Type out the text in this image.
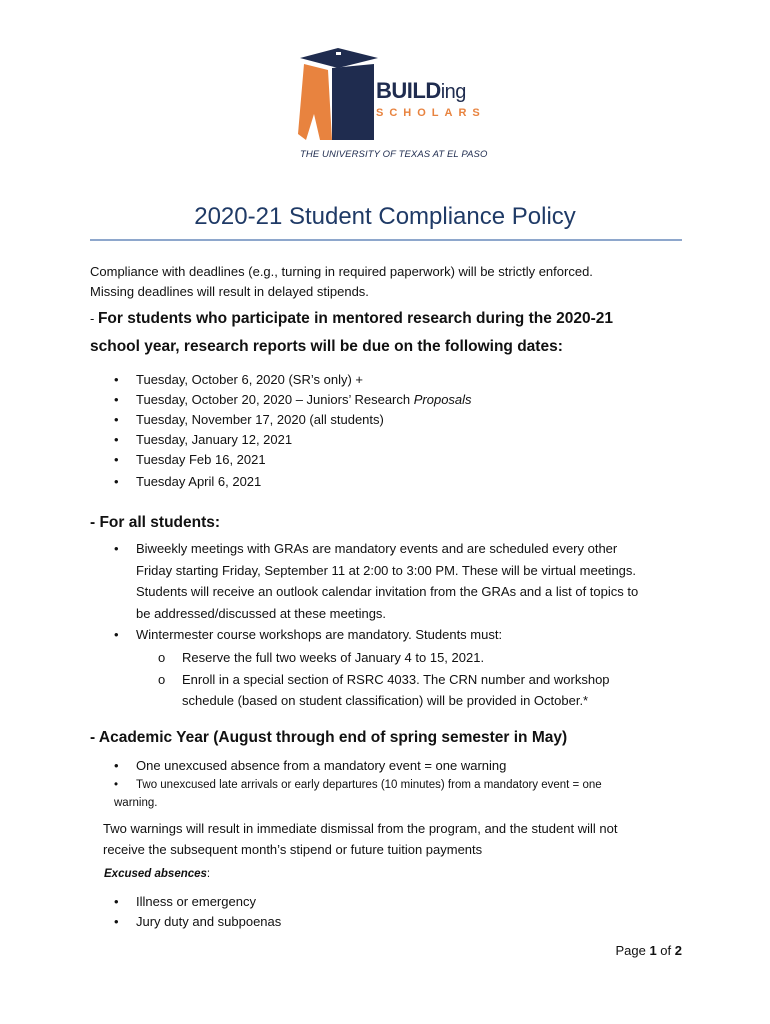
BUILDing
SCHOLARS
THE UNIVERSITY OF TEXAS AT EL PASO
2020-21 Student Compliance Policy
Compliance with deadlines (e.g., turning in required paperwork) will be strictly enforced.
Missing deadlines will result in delayed stipends.
- For students who participate in mentored research during the 2020-21
school year, research reports will be due on the following dates:
• Tuesday, October 6, 2020 (SR’s only) +
• Tuesday, October 20, 2020 – Juniors’ Research Proposals
• Tuesday, November 17, 2020 (all students)
• Tuesday, January 12, 2021
• Tuesday Feb 16, 2021
• Tuesday April 6, 2021
- For all students:
• Biweekly meetings with GRAs are mandatory events and are scheduled every other
Friday starting Friday, September 11 at 2:00 to 3:00 PM. These will be virtual meetings.
Students will receive an outlook calendar invitation from the GRAs and a list of topics to
be addressed/discussed at these meetings.
• Wintermester course workshops are mandatory. Students must:
o Reserve the full two weeks of January 4 to 15, 2021.
o Enroll in a special section of RSRC 4033. The CRN number and workshop
schedule (based on student classification) will be provided in October.*
- Academic Year (August through end of spring semester in May)
• One unexcused absence from a mandatory event = one warning
• Two unexcused late arrivals or early departures (10 minutes) from a mandatory event = one
warning.
Two warnings will result in immediate dismissal from the program, and the student will not
receive the subsequent month’s stipend or future tuition payments
Excused absences:
• Illness or emergency
• Jury duty and subpoenas
Page 1 of 2
